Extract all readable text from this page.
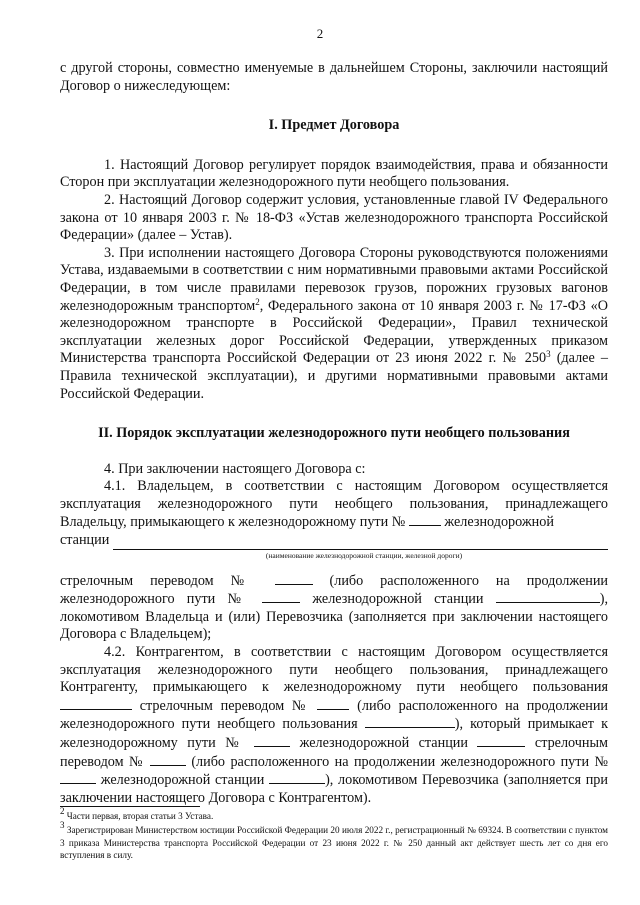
2

с другой стороны, совместно именуемые в дальнейшем Стороны, заключили настоящий Договор о нижеследующем:

I. Предмет Договора

1. Настоящий Договор регулирует порядок взаимодействия, права и обязанности Сторон при эксплуатации железнодорожного пути необщего пользования.

2. Настоящий Договор содержит условия, установленные главой IV Федерального закона от 10 января 2003 г. № 18-ФЗ «Устав железнодорожного транспорта Российской Федерации» (далее – Устав).

3. При исполнении настоящего Договора Стороны руководствуются положениями Устава, издаваемыми в соответствии с ним нормативными правовыми актами Российской Федерации, в том числе правилами перевозок грузов, порожних грузовых вагонов железнодорожным транспортом$^2$, Федерального закона от 10 января 2003 г. № 17-ФЗ «О железнодорожном транспорте в Российской Федерации», Правил технической эксплуатации железных дорог Российской Федерации, утвержденных приказом Министерства транспорта Российской Федерации от 23 июня 2022 г. № $250^3$ (далее – Правила технической эксплуатации), и другими нормативными правовыми актами Российской Федерации.

II. Порядок эксплуатации железнодорожного пути необщего пользования

4. При заключении настоящего Договора с:

4.1. Владельцем, в соответствии с настоящим Договором осуществляется эксплуатация железнодорожного пути необщего пользования, принадлежащего Владельцу, примыкающего к железнодорожному пути №	железнодорожной

станции

(наименование железнодорожной станции, железной дороги)

стрелочным переводом №	(либо расположенного на продолжении железнодорожного пути №	железнодорожной станции	), локомотивом Владельца и (или) Перевозчика (заполняется при заключении настоящего Договора с Владельцем);

4.2. Контрагентом, в соответствии с настоящим Договором осуществляется эксплуатация железнодорожного пути необщего пользования, принадлежащего Контрагенту, примыкающего к железнодорожному пути необщего пользования  стрелочным переводом №	(либо расположенного на продолжении железнодорожного пути необщего пользования	), который примыкает к железнодорожному пути №	железнодорожной станции	стрелочным переводом №	(либо расположенного на продолжении железнодорожного пути №  железнодорожной станции	), локомотивом Перевозчика (заполняется при заключении настоящего Договора с Контрагентом).

$^2$ Части первая, вторая статьи 3 Устава.

$^3$ Зарегистрирован Министерством юстиции Российской Федерации 20 июля 2022 г., регистрационный № 69324. В соответствии с пунктом 3 приказа Министерства транспорта Российской Федерации от 23 июня 2022 г. № 250 данный акт действует шесть лет со дня его вступления в силу.
